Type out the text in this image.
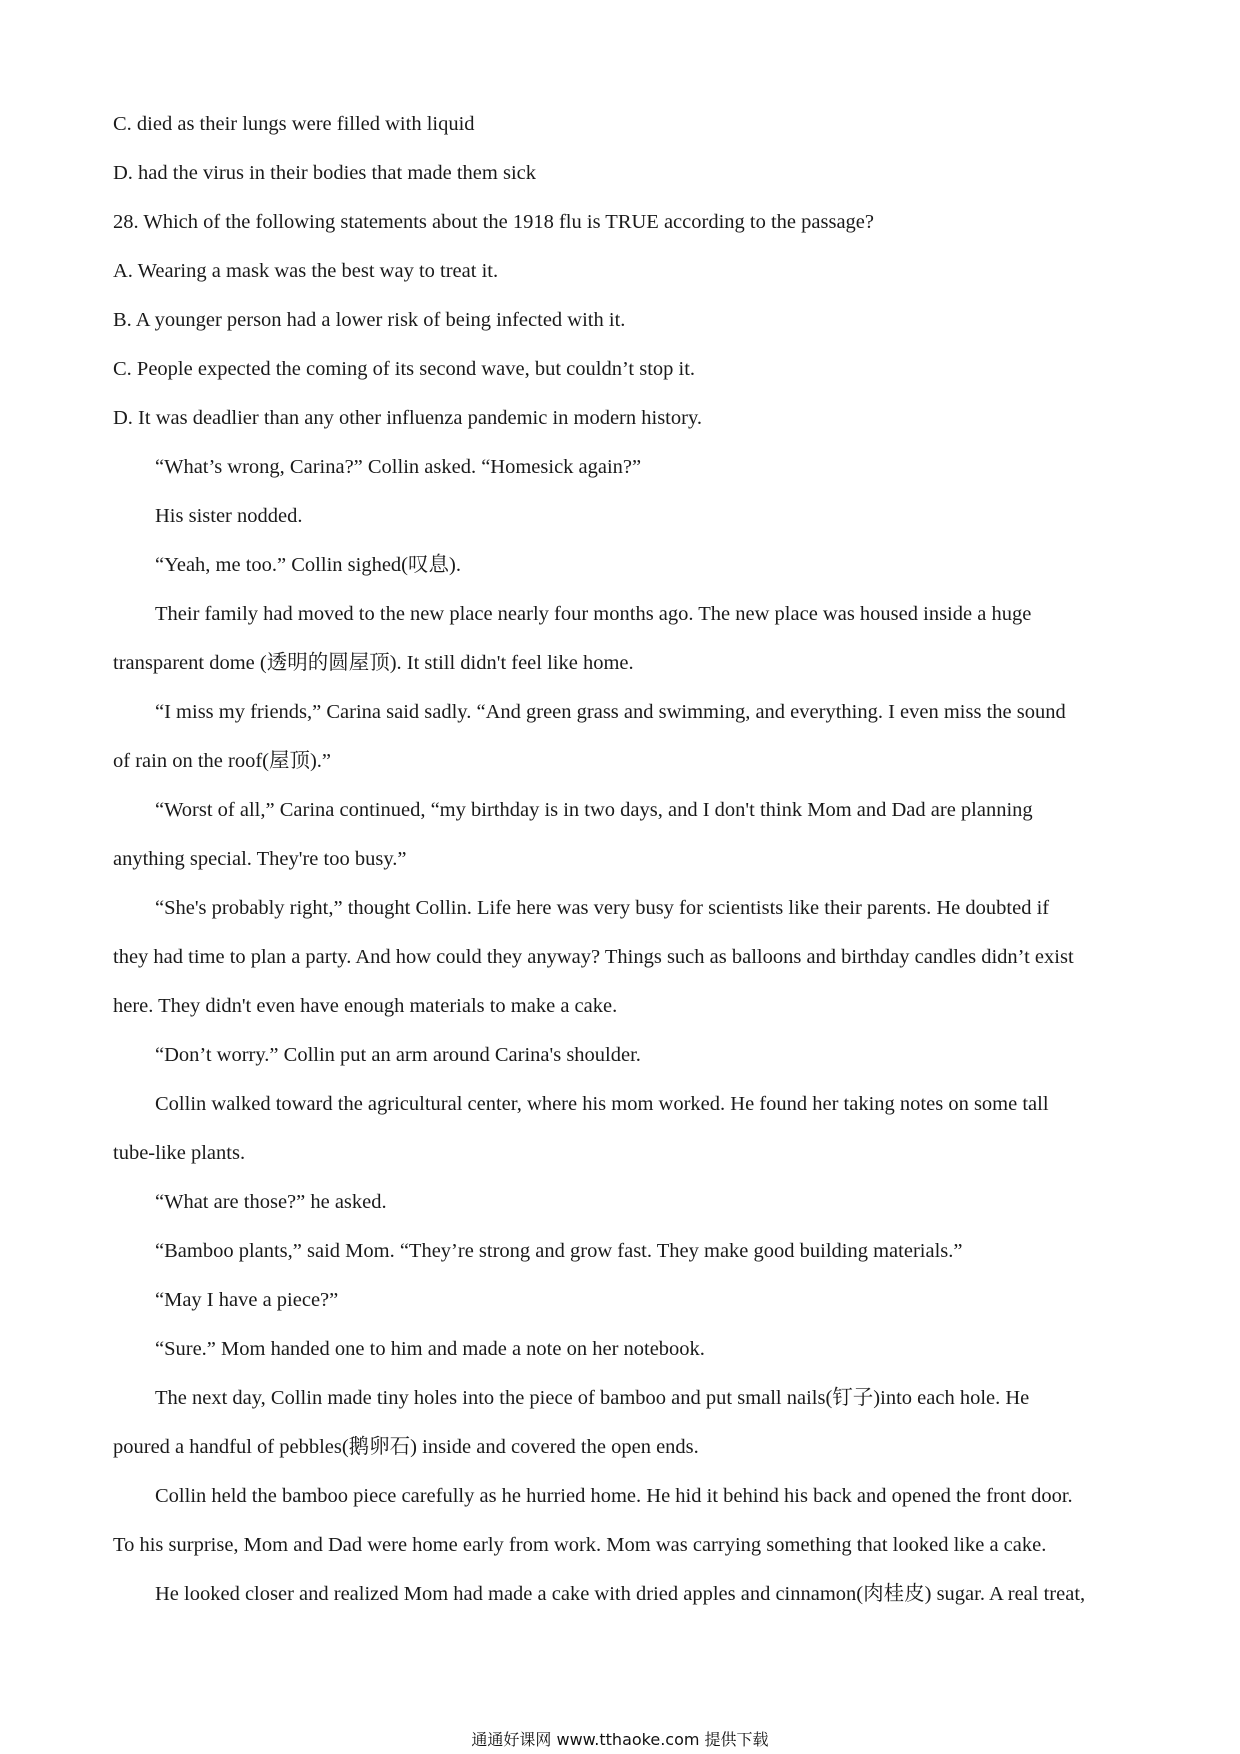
C. died as their lungs were filled with liquid
D. had the virus in their bodies that made them sick
28. Which of the following statements about the 1918 flu is TRUE according to the passage?
A. Wearing a mask was the best way to treat it.
B. A younger person had a lower risk of being infected with it.
C. People expected the coming of its second wave, but couldn’t stop it.
D. It was deadlier than any other influenza pandemic in modern history.
“What’s wrong, Carina?” Collin asked. “Homesick again?”
His sister nodded.
“Yeah, me too.” Collin sighed(叹息).
Their family had moved to the new place nearly four months ago. The new place was housed inside a huge
transparent dome (透明的圆屋顶). It still didn't feel like home.
“I miss my friends,” Carina said sadly. “And green grass and swimming, and everything. I even miss the sound
of rain on the roof(屋顶).”
“Worst of all,” Carina continued, “my birthday is in two days, and I don't think Mom and Dad are planning
anything special. They're too busy.”
“She's probably right,” thought Collin. Life here was very busy for scientists like their parents. He doubted if
they had time to plan a party. And how could they anyway? Things such as balloons and birthday candles didn’t exist
here. They didn't even have enough materials to make a cake.
“Don’t worry.” Collin put an arm around Carina's shoulder.
Collin walked toward the agricultural center, where his mom worked. He found her taking notes on some tall
tube-like plants.
“What are those?” he asked.
“Bamboo plants,” said Mom. “They’re strong and grow fast. They make good building materials.”
“May I have a piece?”
“Sure.” Mom handed one to him and made a note on her notebook.
The next day, Collin made tiny holes into the piece of bamboo and put small nails(钉子)into each hole. He
poured a handful of pebbles(鹅卵石) inside and covered the open ends.
Collin held the bamboo piece carefully as he hurried home. He hid it behind his back and opened the front door.
To his surprise, Mom and Dad were home early from work. Mom was carrying something that looked like a cake.
He looked closer and realized Mom had made a cake with dried apples and cinnamon(肉桂皮) sugar. A real treat,
通通好课网 www.tthaoke.com 提供下载
